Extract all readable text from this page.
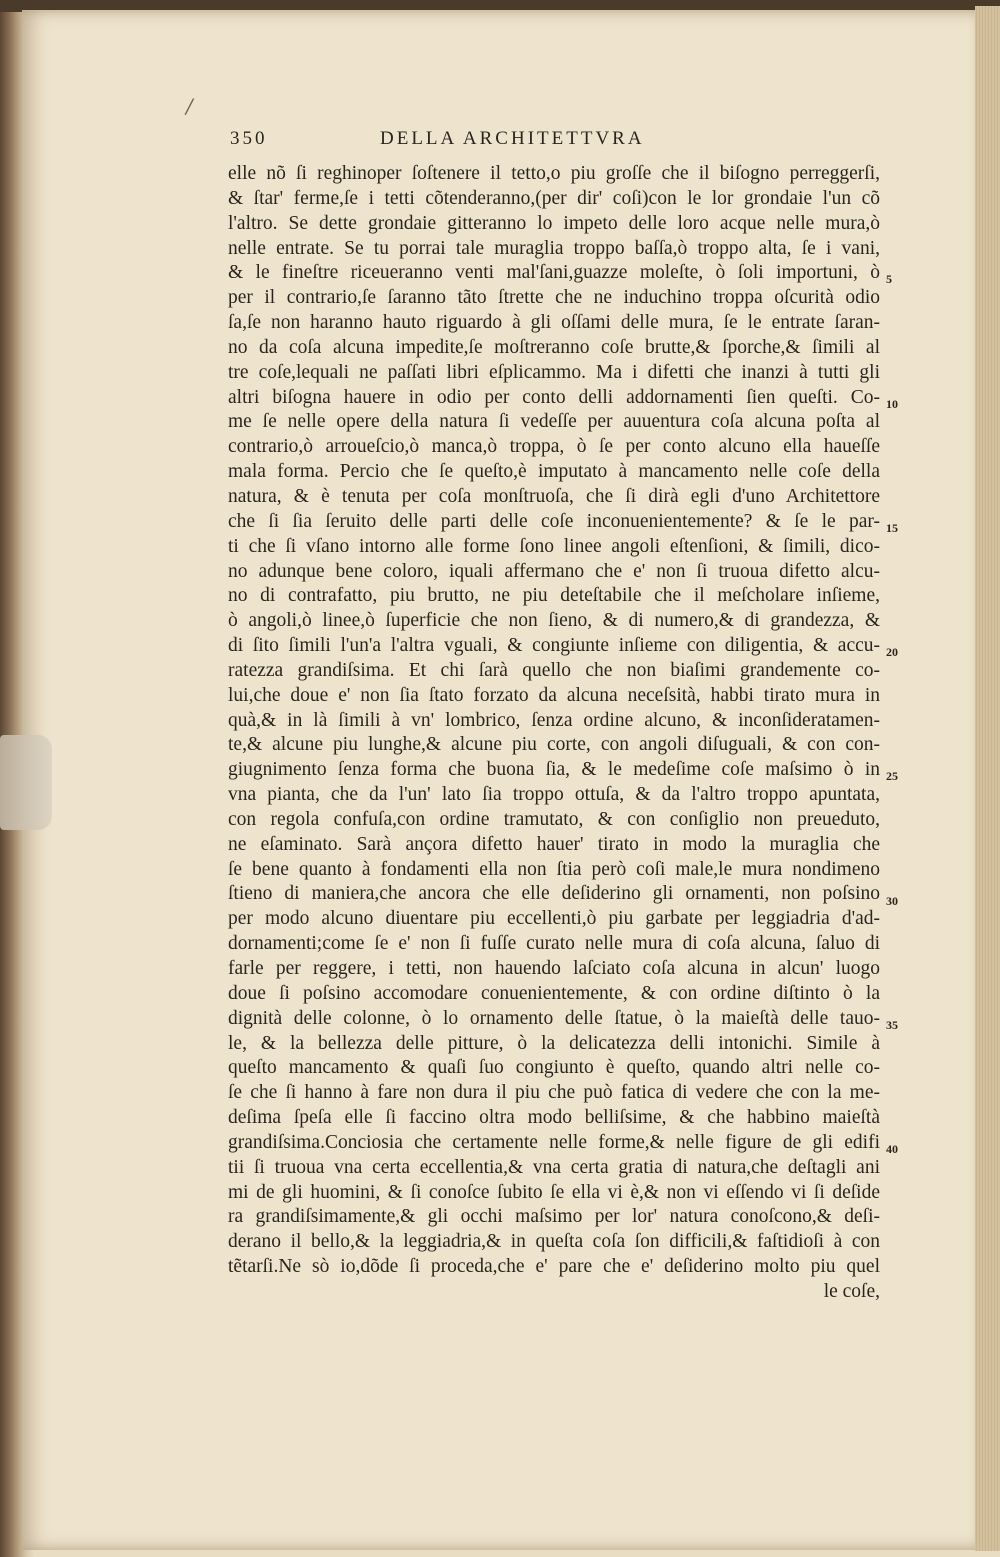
/
350	DELLA ARCHITETTVRA
elle nõ ſi reghinoper ſoſtenere il tetto,o piu groſſe che il biſogno perreggerſi,
& ſtar' ferme,ſe i tetti cõtenderanno,(per dir' coſi)con le lor grondaie l'un cõ
l'altro. Se dette grondaie gitteranno lo impeto delle loro acque nelle mura,ò
nelle entrate. Se tu porrai tale muraglia troppo baſſa,ò troppo alta, ſe i vani,
& le fineſtre riceueranno venti mal'ſani,guazze moleſte, ò ſoli importuni, ò
per il contrario,ſe ſaranno tãto ſtrette che ne induchino troppa oſcurità odio
ſa,ſe non haranno hauto riguardo à gli oſſami delle mura, ſe le entrate ſaran-
no da coſa alcuna impedite,ſe moſtreranno coſe brutte,& ſporche,& ſimili al
tre coſe,lequali ne paſſati libri eſplicammo. Ma i difetti che inanzi à tutti gli
altri biſogna hauere in odio per conto delli addornamenti ſien queſti. Co-
me ſe nelle opere della natura ſi vedeſſe per auuentura coſa alcuna poſta al
contrario,ò arroueſcio,ò manca,ò troppa, ò ſe per conto alcuno ella haueſſe
mala forma. Percio che ſe queſto,è imputato à mancamento nelle coſe della
natura, & è tenuta per coſa monſtruoſa, che ſi dirà egli d'uno Architettore
che ſi ſia ſeruito delle parti delle coſe inconuenientemente? & ſe le par-
ti che ſi vſano intorno alle forme ſono linee angoli eſtenſioni, & ſimili, dico-
no adunque bene coloro, iquali affermano che e' non ſi truoua difetto alcu-
no di contrafatto, piu brutto, ne piu deteſtabile che il meſcholare inſieme,
ò angoli,ò linee,ò ſuperficie che non ſieno, & di numero,& di grandezza, &
di ſito ſimili l'un'a l'altra vguali, & congiunte inſieme con diligentia, & accu-
ratezza grandiſsima. Et chi ſarà quello che non biaſimi grandemente co-
lui,che doue e' non ſia ſtato forzato da alcuna neceſsità, habbi tirato mura in
quà,& in là ſimili à vn' lombrico, ſenza ordine alcuno, & inconſideratamen-
te,& alcune piu lunghe,& alcune piu corte, con angoli diſuguali, & con con-
giugnimento ſenza forma che buona ſia, & le medeſime coſe maſsimo ò in
vna pianta, che da l'un' lato ſia troppo ottuſa, & da l'altro troppo apuntata,
con regola confuſa,con ordine tramutato, & con conſiglio non preueduto,
ne eſaminato. Sarà ançora difetto hauer' tirato in modo la muraglia che
ſe bene quanto à fondamenti ella non ſtia però coſi male,le mura nondimeno
ſtieno di maniera,che ancora che elle deſiderino gli ornamenti, non poſsino
per modo alcuno diuentare piu eccellenti,ò piu garbate per leggiadria d'ad-
dornamenti;come ſe e' non ſi fuſſe curato nelle mura di coſa alcuna, ſaluo di
farle per reggere, i tetti, non hauendo laſciato coſa alcuna in alcun' luogo
doue ſi poſsino accomodare conuenientemente, & con ordine diſtinto ò la
dignità delle colonne, ò lo ornamento delle ſtatue, ò la maieſtà delle tauo-
le, & la bellezza delle pitture, ò la delicatezza delli intonichi. Simile à
queſto mancamento & quaſi ſuo congiunto è queſto, quando altri nelle co-
ſe che ſi hanno à fare non dura il piu che può fatica di vedere che con la me-
deſima ſpeſa elle ſi faccino oltra modo belliſsime, & che habbino maieſtà
grandiſsima.Conciosia che certamente nelle forme,& nelle figure de gli edifi
tii ſi truoua vna certa eccellentia,& vna certa gratia di natura,che deſtagli ani
mi de gli huomini, & ſi conoſce ſubito ſe ella vi è,& non vi eſſendo vi ſi deſide
ra grandiſsimamente,& gli occhi maſsimo per lor' natura conoſcono,& deſi-
derano il bello,& la leggiadria,& in queſta coſa ſon difficili,& faſtidioſi à con
tẽtarſi.Ne sò io,dõde ſi proceda,che e' pare che e' deſiderino molto piu quel
le coſe,
5
10
15
20
25
30
35
40
